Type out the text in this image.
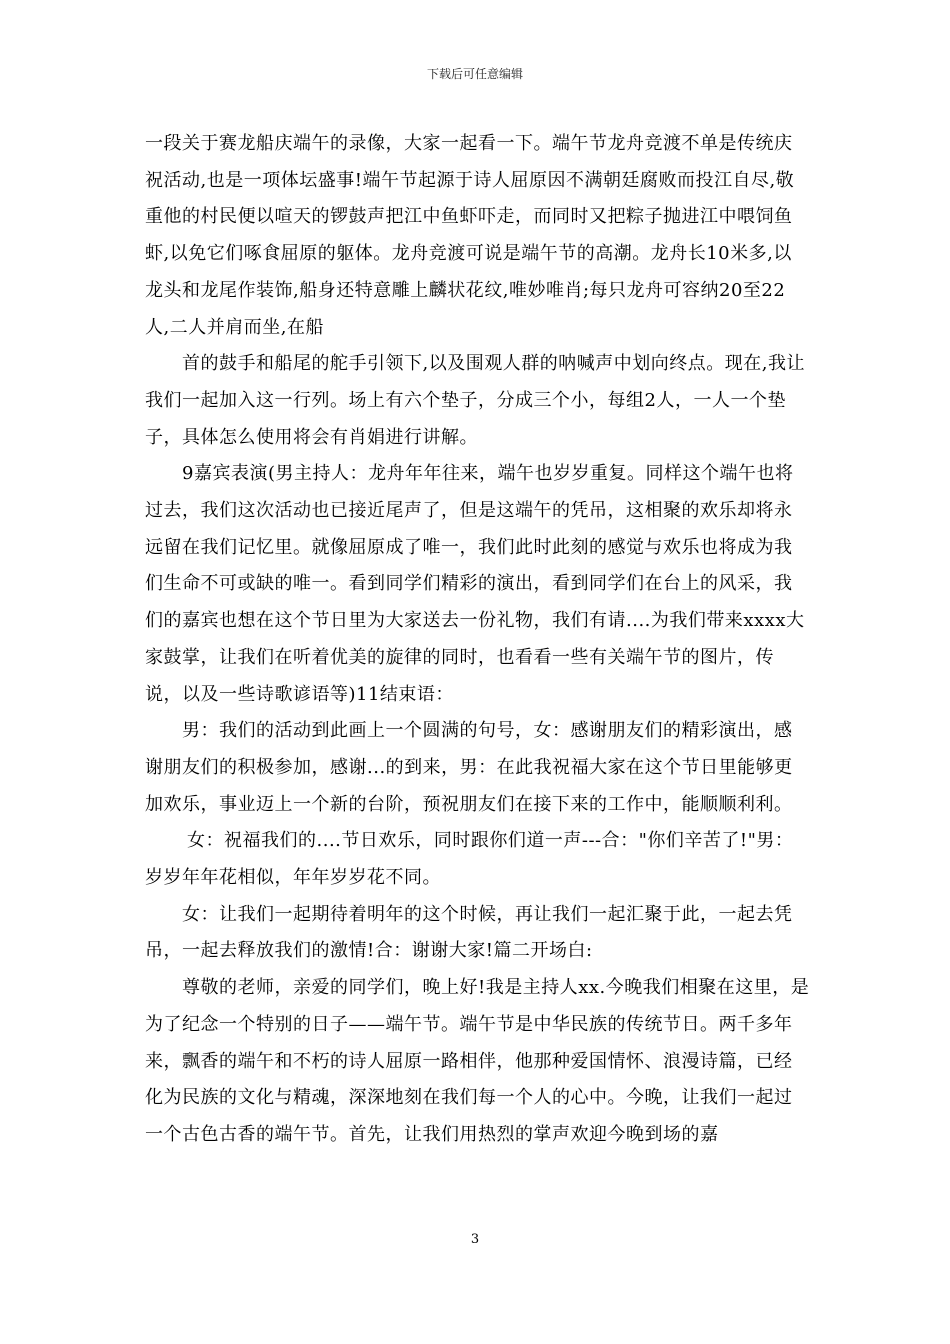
下载后可任意编辑

一段关于赛龙船庆端午的录像，大家一起看一下。端午节龙舟竞渡不单是传统庆祝活动,也是一项体坛盛事!端午节起源于诗人屈原因不满朝廷腐败而投江自尽,敬重他的村民便以喧天的锣鼓声把江中鱼虾吓走，而同时又把粽子抛进江中喂饲鱼虾,以免它们啄食屈原的躯体。龙舟竞渡可说是端午节的高潮。龙舟长10米多,以龙头和龙尾作装饰,船身还特意雕上麟状花纹,唯妙唯肖;每只龙舟可容纳20至22人,二人并肩而坐,在船

首的鼓手和船尾的舵手引领下,以及围观人群的呐喊声中划向终点。现在,我让我们一起加入这一行列。场上有六个垫子，分成三个小，每组2人，一人一个垫子，具体怎么使用将会有肖娟进行讲解。

9嘉宾表演(男主持人：龙舟年年往来，端午也岁岁重复。同样这个端午也将过去，我们这次活动也已接近尾声了，但是这端午的凭吊，这相聚的欢乐却将永远留在我们记忆里。就像屈原成了唯一，我们此时此刻的感觉与欢乐也将成为我们生命不可或缺的唯一。看到同学们精彩的演出，看到同学们在台上的风采，我们的嘉宾也想在这个节日里为大家送去一份礼物，我们有请....为我们带来xxxx大家鼓掌，让我们在听着优美的旋律的同时，也看看一些有关端午节的图片，传说，以及一些诗歌谚语等)11结束语：

男：我们的活动到此画上一个圆满的句号，女：感谢朋友们的精彩演出，感谢朋友们的积极参加，感谢...的到来，男：在此我祝福大家在这个节日里能够更加欢乐，事业迈上一个新的台阶，预祝朋友们在接下来的工作中，能顺顺利利。

女：祝福我们的....节日欢乐，同时跟你们道一声---合："你们辛苦了!"男：岁岁年年花相似，年年岁岁花不同。

女：让我们一起期待着明年的这个时候，再让我们一起汇聚于此，一起去凭吊，一起去释放我们的激情!合：谢谢大家!篇二开场白:

尊敬的老师，亲爱的同学们，晚上好!我是主持人xx.今晚我们相聚在这里，是为了纪念一个特别的日子——端午节。端午节是中华民族的传统节日。两千多年来，飘香的端午和不朽的诗人屈原一路相伴，他那种爱国情怀、浪漫诗篇，已经化为民族的文化与精魂，深深地刻在我们每一个人的心中。今晚，让我们一起过一个古色古香的端午节。首先，让我们用热烈的掌声欢迎今晚到场的嘉

3
